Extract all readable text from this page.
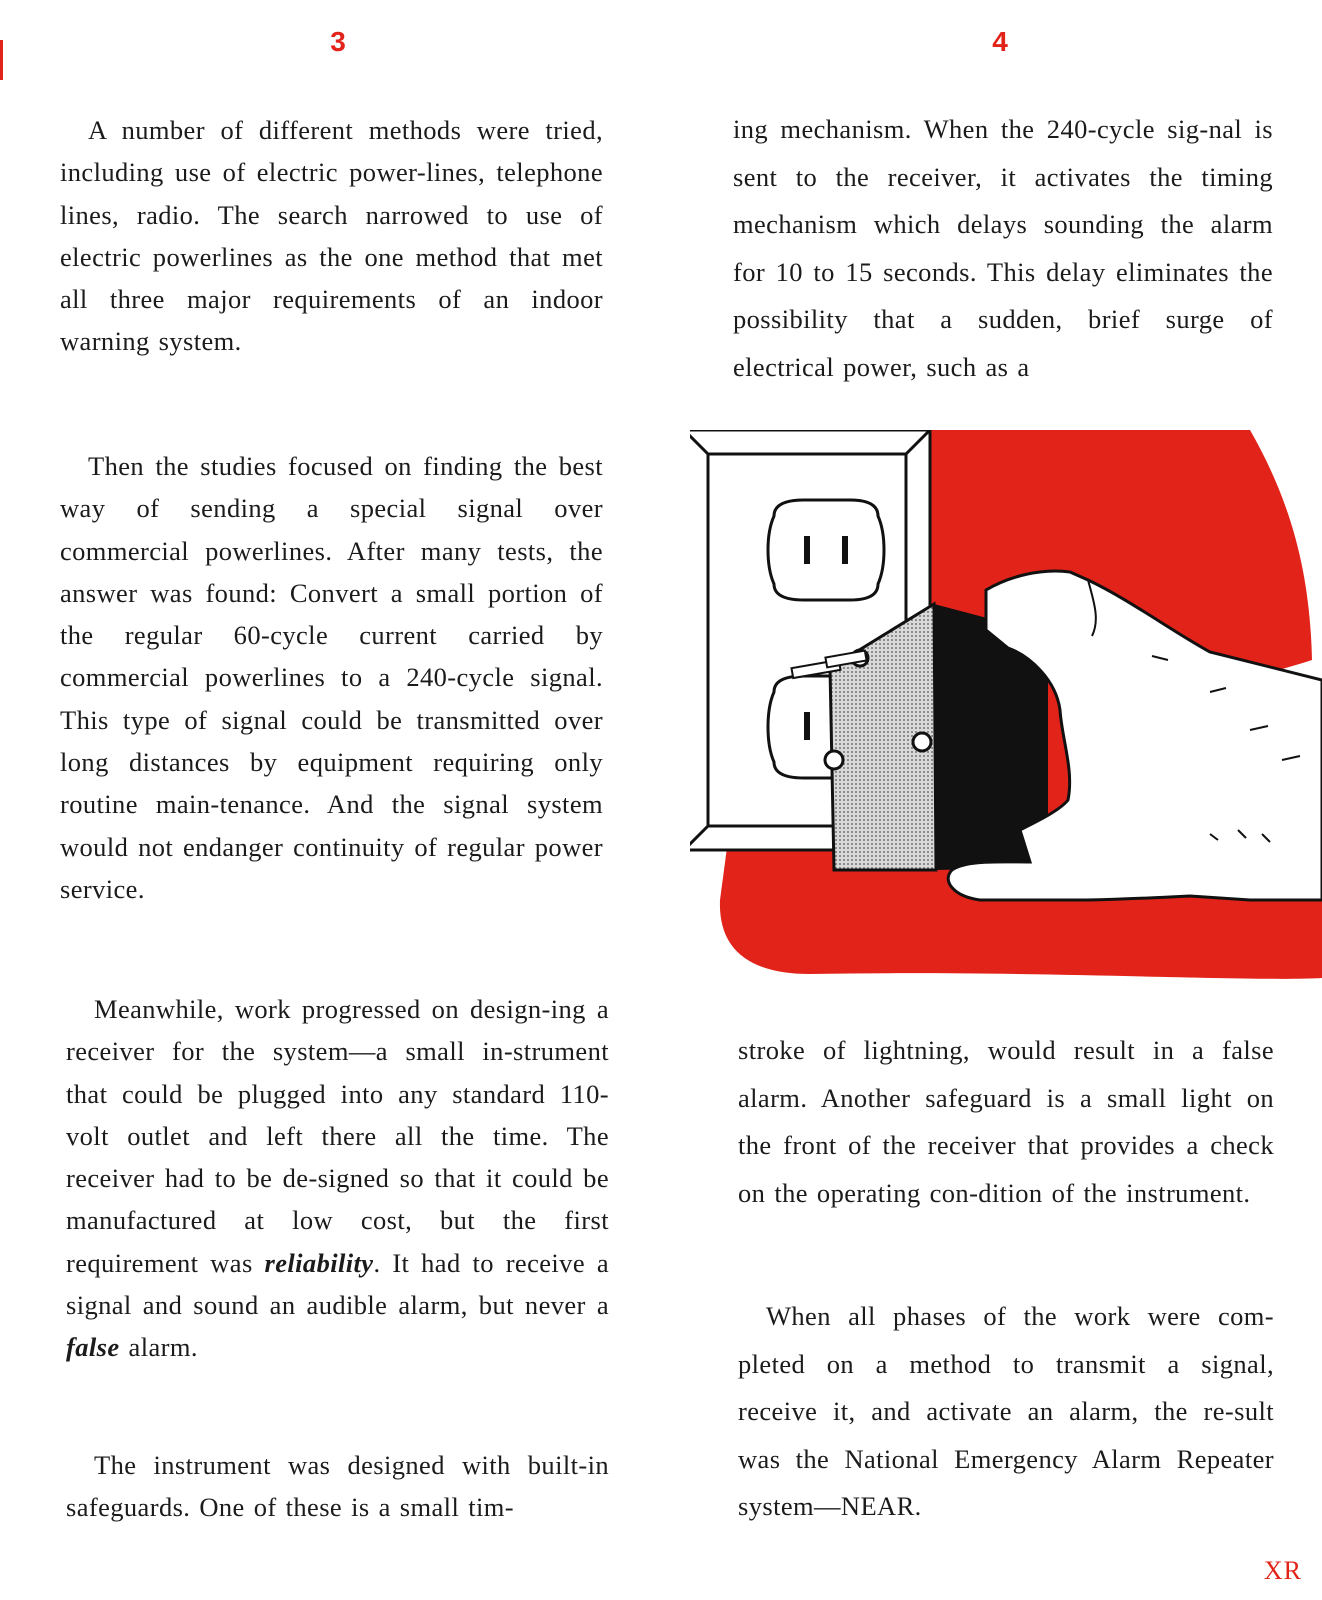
3	4

A number of different methods were tried, including use of electric power-lines, telephone lines, radio. The search narrowed to use of electric powerlines as the one method that met all three major requirements of an indoor warning system.

Then the studies focused on finding the best way of sending a special signal over commercial powerlines. After many tests, the answer was found: Convert a small portion of the regular 60-cycle current carried by commercial powerlines to a 240-cycle signal. This type of signal could be transmitted over long distances by equipment requiring only routine main-tenance. And the signal system would not endanger continuity of regular power service.

Meanwhile, work progressed on design-ing a receiver for the system—a small in-strument that could be plugged into any standard 110-volt outlet and left there all the time. The receiver had to be de-signed so that it could be manufactured at low cost, but the first requirement was reliability. It had to receive a signal and sound an audible alarm, but never a false alarm.

The instrument was designed with built-in safeguards. One of these is a small tim-

ing mechanism. When the 240-cycle sig-nal is sent to the receiver, it activates the timing mechanism which delays sounding the alarm for 10 to 15 seconds. This delay eliminates the possibility that a sudden, brief surge of electrical power, such as a

stroke of lightning, would result in a false alarm. Another safeguard is a small light on the front of the receiver that provides a check on the operating con-dition of the instrument.

When all phases of the work were com-pleted on a method to transmit a signal, receive it, and activate an alarm, the re-sult was the National Emergency Alarm Repeater system—NEAR.

XR
